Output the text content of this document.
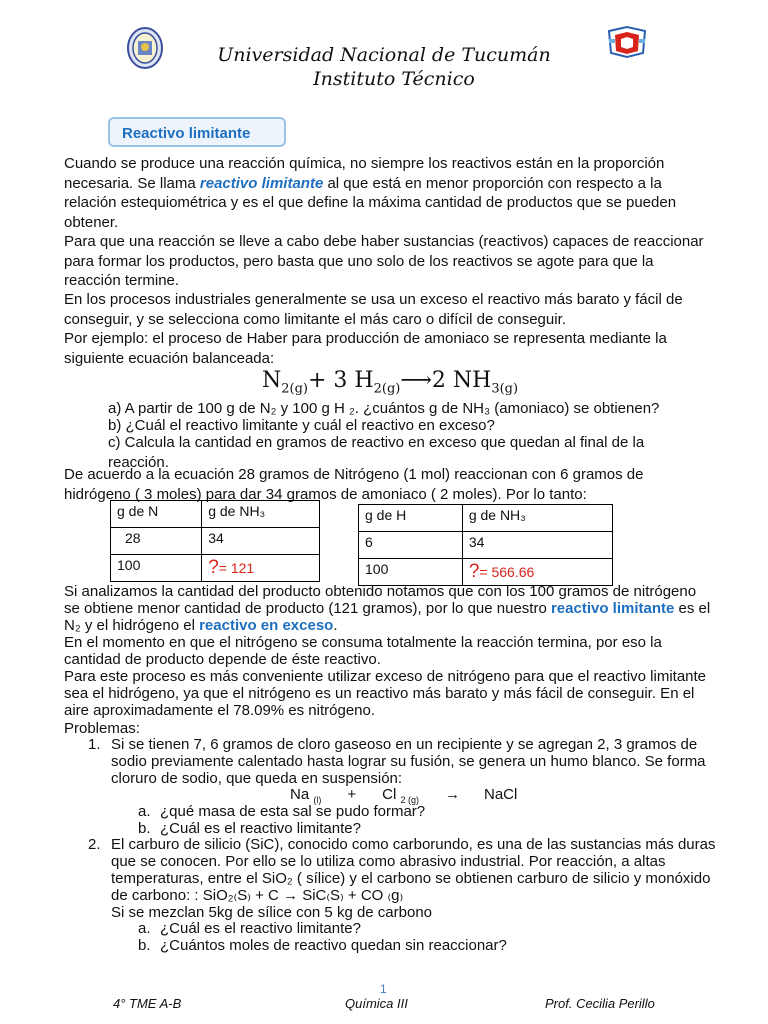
Universidad Nacional de Tucumán
Instituto Técnico
Reactivo limitante
Cuando se produce una reacción química, no siempre los reactivos están en la proporción necesaria. Se llama reactivo limitante al que está en menor proporción con respecto a la relación estequiométrica y es el que define la máxima cantidad de productos que se pueden obtener.
Para que una reacción se lleve a cabo debe haber sustancias (reactivos) capaces de reaccionar para formar los productos, pero basta que uno solo de los reactivos se agote para que la reacción termine.
En los procesos industriales generalmente se usa un exceso el reactivo más barato y fácil de conseguir, y se selecciona como limitante el más caro o difícil de conseguir.
Por ejemplo: el proceso de Haber para producción de amoniaco se representa mediante la siguiente ecuación balanceada:
$N_{2(g)}+ 3$ $H_{2(g)}⟶2$ $NH_{3(g)}$
a) A partir de 100 g de N₂ y 100 g H ₂. ¿cuántos g de NH₃ (amoniaco) se obtienen?
b) ¿Cuál el reactivo limitante y cuál el reactivo en exceso?
c) Calcula la cantidad en gramos de reactivo en exceso que quedan al final de la reacción.
De acuerdo a la ecuación 28 gramos de Nitrógeno (1 mol) reaccionan con 6 gramos de hidrógeno ( 3 moles) para dar 34 gramos de amoniaco ( 2 moles). Por lo tanto:
g de N	g de NH₃
28	34
100	?= 121
g de H	g de NH₃
6	34
100	?= 566.66
Si analizamos la cantidad del producto obtenido notamos que con los 100 gramos de nitrógeno se obtiene menor cantidad de producto (121 gramos), por lo que nuestro reactivo limitante es el N₂ y el hidrógeno el reactivo en exceso.
En el momento en que el nitrógeno se consuma totalmente la reacción termina, por eso la cantidad de producto depende de éste reactivo.
Para este proceso es más conveniente utilizar exceso de nitrógeno para que el reactivo limitante sea el hidrógeno, ya que el nitrógeno es un reactivo más barato y más fácil de conseguir. En el aire aproximadamente el 78.09% es nitrógeno.
Problemas:
1. Si se tienen 7, 6 gramos de cloro gaseoso en un recipiente y se agregan 2, 3 gramos de sodio previamente calentado hasta lograr su fusión, se genera un humo blanco. Se forma cloruro de sodio, que queda en suspensión:
Na $_{(l)}$ + Cl $_{2 (g)}$ → NaCl
a. ¿qué masa de esta sal se pudo formar?
b. ¿Cuál es el reactivo limitante?
2. El carburo de silicio (SiC), conocido como carborundo, es una de las sustancias más duras que se conocen. Por ello se lo utiliza como abrasivo industrial. Por reacción, a altas temperaturas, entre el SiO₂ ( sílice) y el carbono se obtienen carburo de silicio y monóxido de carbono: : SiO₂₍S₎ + C → SiC₍S₎ + CO ₍g₎
Si se mezclan 5kg de sílice con 5 kg de carbono
a. ¿Cuál es el reactivo limitante?
b. ¿Cuántos moles de reactivo quedan sin reaccionar?
1
4° TME A-B	Química III	Prof. Cecilia Perillo
